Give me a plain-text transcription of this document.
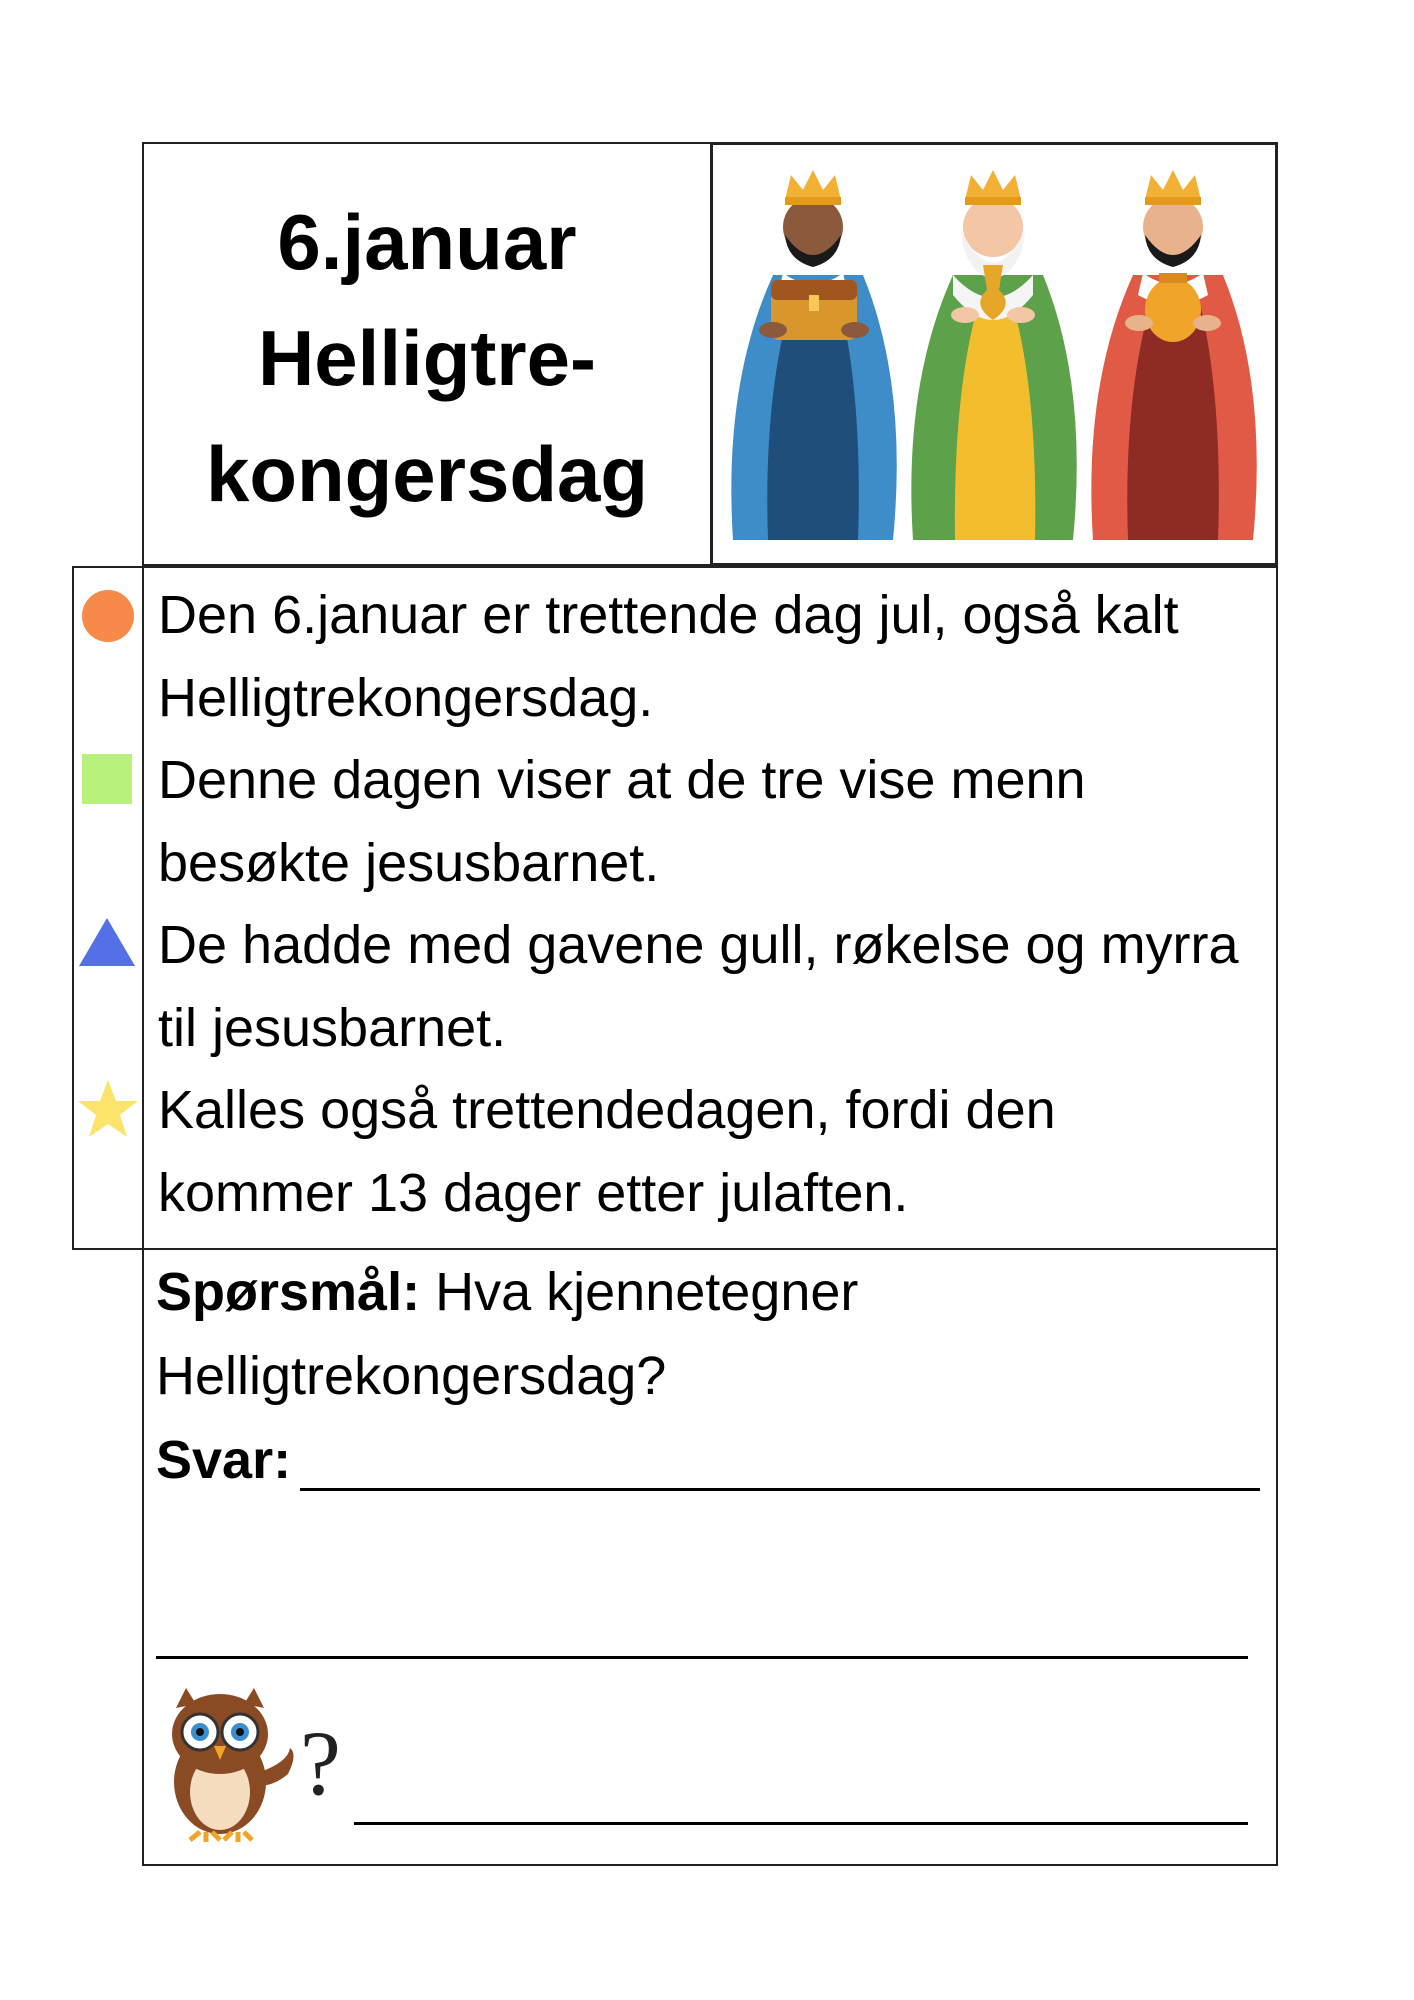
6.januar
Helligtre-
kongersdag

Den 6.januar er trettende dag jul, også kalt Helligtrekongersdag.

Denne dagen viser at de tre vise menn besøkte jesusbarnet.

De hadde med gavene gull, røkelse og myrra til jesusbarnet.

Kalles også trettendedagen, fordi den kommer 13 dager etter julaften.

Spørsmål: Hva kjennetegner Helligtrekongersdag?

Svar:

?
